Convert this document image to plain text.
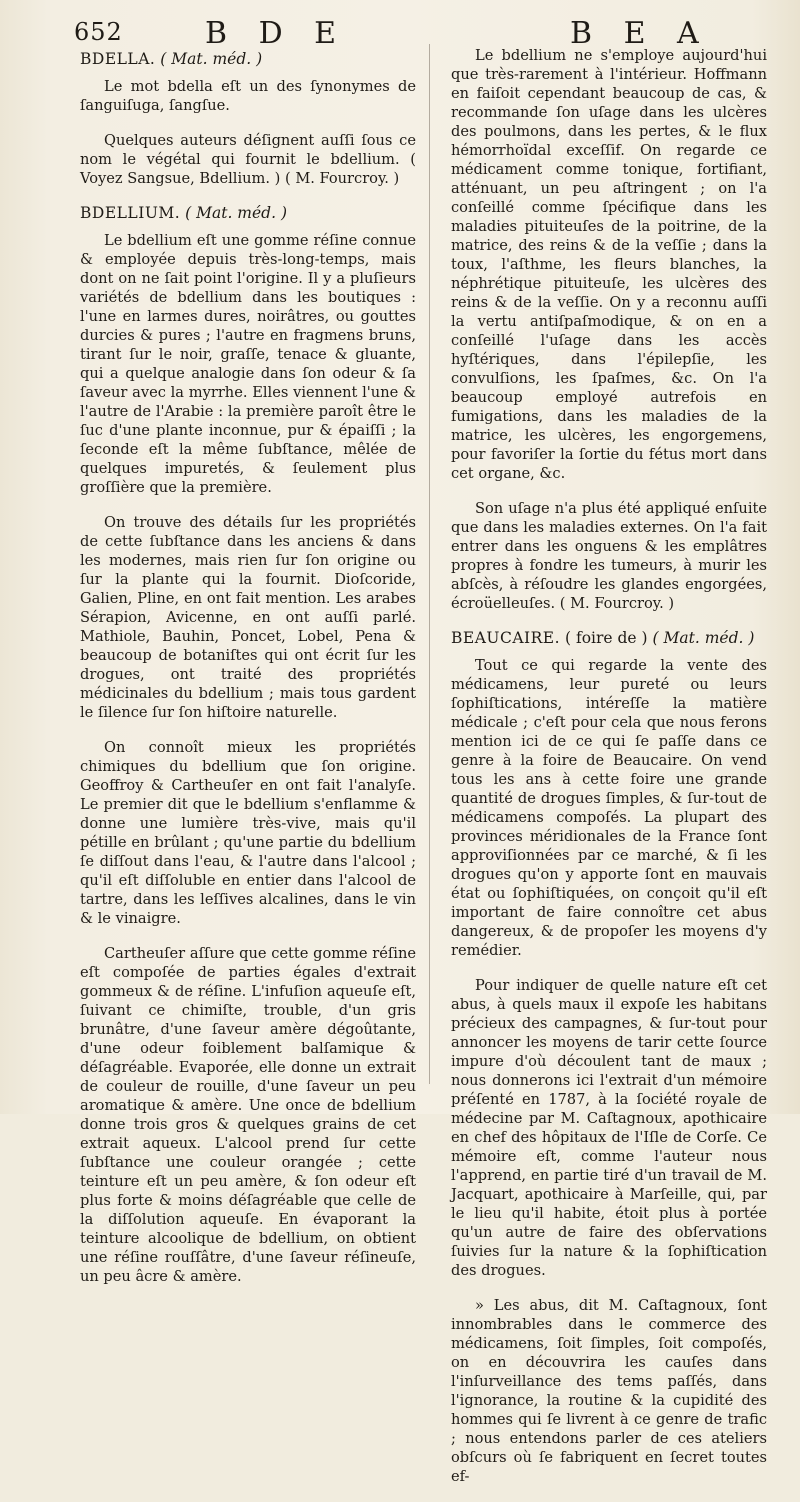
652	B D E	B E A
BDELLA. ( Mat. méd. )

Le mot bdella eſt un des ſynonymes de ſanguiſuga, ſangſue.

Quelques auteurs déſignent auſſi ſous ce nom le végétal qui fournit le bdellium. ( Voyez Sangsue, Bdellium. ) ( M. Fourcroy. )

BDELLIUM. ( Mat. méd. )

Le bdellium eſt une gomme réſine connue & employée depuis très-long-temps, mais dont on ne ſait point l'origine. Il y a pluſieurs variétés de bdellium dans les boutiques : l'une en larmes dures, noirâtres, ou gouttes durcies & pures ; l'autre en fragmens bruns, tirant ſur le noir, graſſe, tenace & gluante, qui a quelque analogie dans ſon odeur & ſa ſaveur avec la myrrhe. Elles viennent l'une & l'autre de l'Arabie : la première paroît être le ſuc d'une plante inconnue, pur & épaiſſi ; la ſeconde eſt la même ſubſtance, mêlée de quelques impuretés, & ſeulement plus groſſière que la première.

On trouve des détails ſur les propriétés de cette ſubſtance dans les anciens & dans les modernes, mais rien ſur ſon origine ou ſur la plante qui la fournit. Dioſcoride, Galien, Pline, en ont fait mention. Les arabes Sérapion, Avicenne, en ont auſſi parlé. Mathiole, Bauhin, Poncet, Lobel, Pena & beaucoup de botaniſtes qui ont écrit ſur les drogues, ont traité des propriétés médicinales du bdellium ; mais tous gardent le ſilence ſur ſon hiſtoire naturelle.

On connoît mieux les propriétés chimiques du bdellium que ſon origine. Geoffroy & Cartheuſer en ont fait l'analyſe. Le premier dit que le bdellium s'enflamme & donne une lumière très-vive, mais qu'il pétille en brûlant ; qu'une partie du bdellium ſe diſſout dans l'eau, & l'autre dans l'alcool ; qu'il eſt diſſoluble en entier dans l'alcool de tartre, dans les leſſives alcalines, dans le vin & le vinaigre.

Cartheuſer aſſure que cette gomme réſine eſt compoſée de parties égales d'extrait gommeux & de réſine. L'infuſion aqueuſe eſt, ſuivant ce chimiſte, trouble, d'un gris brunâtre, d'une ſaveur amère dégoûtante, d'une odeur foiblement balſamique & déſagréable. Evaporée, elle donne un extrait de couleur de rouille, d'une ſaveur un peu aromatique & amère. Une once de bdellium donne trois gros & quelques grains de cet extrait aqueux. L'alcool prend ſur cette ſubſtance une couleur orangée ; cette teinture eſt un peu amère, & ſon odeur eſt plus forte & moins déſagréable que celle de la diſſolution aqueuſe. En évaporant la teinture alcoolique de bdellium, on obtient une réſine rouſſâtre, d'une ſaveur réſineuſe, un peu âcre & amère.

Le bdellium ne s'employe aujourd'hui que très-rarement à l'intérieur. Hoffmann en faiſoit cependant beaucoup de cas, & recommande ſon uſage dans les ulcères des poulmons, dans les pertes, & le flux hémorrhoïdal exceſſif. On regarde ce médicament comme tonique, fortifiant, atténuant, un peu aſtringent ; on l'a conſeillé comme ſpécifique dans les maladies pituiteuſes de la poitrine, de la matrice, des reins & de la veſſie ; dans la toux, l'aſthme, les fleurs blanches, la néphrétique pituiteuſe, les ulcères des reins & de la veſſie. On y a reconnu auſſi la vertu antiſpaſmodique, & on en a conſeillé l'uſage dans les accès hyſtériques, dans l'épilepſie, les convulſions, les ſpaſmes, &c. On l'a beaucoup employé autrefois en fumigations, dans les maladies de la matrice, les ulcères, les engorgemens, pour favoriſer la ſortie du fétus mort dans cet organe, &c.

Son uſage n'a plus été appliqué enſuite que dans les maladies externes. On l'a fait entrer dans les onguens & les emplâtres propres à fondre les tumeurs, à murir les abſcès, à réſoudre les glandes engorgées, écroüelleuſes. ( M. Fourcroy. )

BEAUCAIRE. ( foire de ) ( Mat. méd. )

Tout ce qui regarde la vente des médicamens, leur pureté ou leurs ſophiſtications, intéreſſe la matière médicale ; c'eſt pour cela que nous ferons mention ici de ce qui ſe paſſe dans ce genre à la foire de Beaucaire. On vend tous les ans à cette foire une grande quantité de drogues ſimples, & ſur-tout de médicamens compoſés. La plupart des provinces méridionales de la France ſont approviſionnées par ce marché, & ſi les drogues qu'on y apporte ſont en mauvais état ou ſophiſtiquées, on conçoit qu'il eſt important de faire connoître cet abus dangereux, & de propoſer les moyens d'y remédier.

Pour indiquer de quelle nature eſt cet abus, à quels maux il expoſe les habitans précieux des campagnes, & ſur-tout pour annoncer les moyens de tarir cette ſource impure d'où découlent tant de maux ; nous donnerons ici l'extrait d'un mémoire préſenté en 1787, à la ſociété royale de médecine par M. Caſtagnoux, apothicaire en chef des hôpitaux de l'Iſle de Corſe. Ce mémoire eſt, comme l'auteur nous l'apprend, en partie tiré d'un travail de M. Jacquart, apothicaire à Marſeille, qui, par le lieu qu'il habite, étoit plus à portée qu'un autre de faire des obſervations ſuivies ſur la nature & la ſophiſtication des drogues.

» Les abus, dit M. Caſtagnoux, ſont innombrables dans le commerce des médicamens, ſoit ſimples, ſoit compoſés, on en découvrira les cauſes dans l'inſurveillance des tems paſſés, dans l'ignorance, la routine & la cupidité des hommes qui ſe livrent à ce genre de trafic ; nous entendons parler de ces ateliers obſcurs où ſe fabriquent en ſecret toutes ef-
